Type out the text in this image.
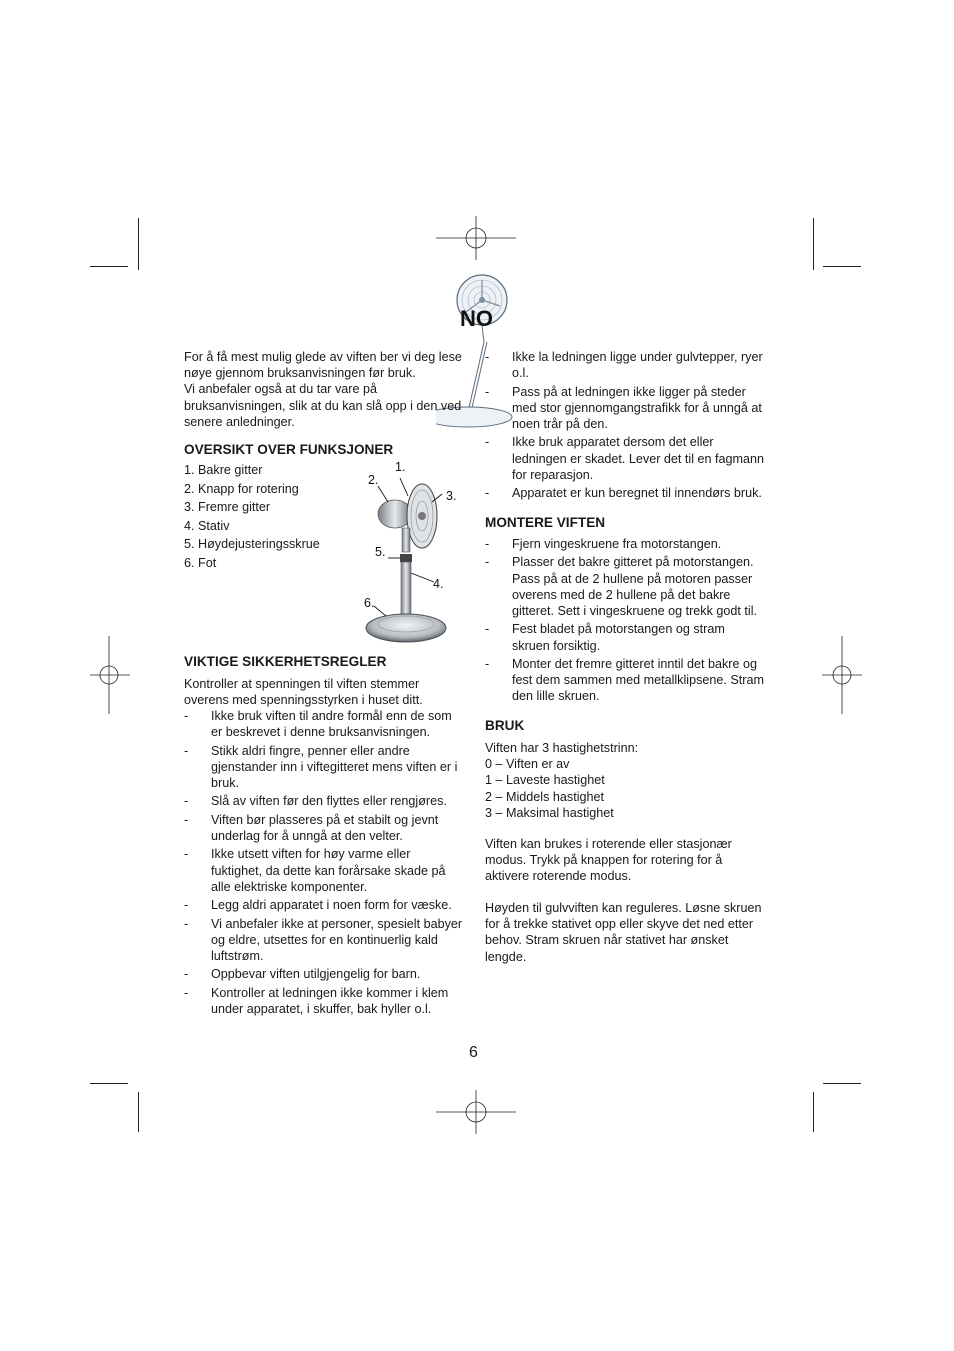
NO
For å få mest mulig glede av viften ber vi deg lese
nøye gjennom bruksanvisningen før bruk.
Vi anbefaler også at du tar vare på
bruksanvisningen, slik at du kan slå opp i den ved
senere anledninger.
OVERSIKT OVER FUNKSJONER
1. Bakre gitter
2. Knapp for rotering
3. Fremre gitter
4. Stativ
5. Høydejusteringsskrue
6. Fot
1.
2.
3.
4.
5.
6.
VIKTIGE SIKKERHETSREGLER
Kontroller at spenningen til viften stemmer
overens med spenningsstyrken i huset ditt.
- Ikke bruk viften til andre formål enn de som
er beskrevet i denne bruksanvisningen.
- Stikk aldri fingre, penner eller andre
gjenstander inn i viftegitteret mens viften er i
bruk.
- Slå av viften før den flyttes eller rengjøres.
- Viften bør plasseres på et stabilt og jevnt
underlag for å unngå at den velter.
- Ikke utsett viften for høy varme eller
fuktighet, da dette kan forårsake skade på
alle elektriske komponenter.
- Legg aldri apparatet i noen form for væske.
- Vi anbefaler ikke at personer, spesielt babyer
og eldre, utsettes for en kontinuerlig kald
luftstrøm.
- Oppbevar viften utilgjengelig for barn.
- Kontroller at ledningen ikke kommer i klem
under apparatet, i skuffer, bak hyller o.l.
- Ikke la ledningen ligge under gulvtepper, ryer
o.l.
- Pass på at ledningen ikke ligger på steder
med stor gjennomgangstrafikk for å unngå at
noen trår på den.
- Ikke bruk apparatet dersom det eller
ledningen er skadet. Lever det til en fagmann
for reparasjon.
- Apparatet er kun beregnet til innendørs bruk.
MONTERE VIFTEN
- Fjern vingeskruene fra motorstangen.
- Plasser det bakre gitteret på motorstangen.
Pass på at de 2 hullene på motoren passer
overens med de 2 hullene på det bakre
gitteret. Sett i vingeskruene og trekk godt til.
- Fest bladet på motorstangen og stram
skruen forsiktig.
- Monter det fremre gitteret inntil det bakre og
fest dem sammen med metallklipsene. Stram
den lille skruen.
BRUK
Viften har 3 hastighetstrinn:
0 – Viften er av
1 – Laveste hastighet
2 – Middels hastighet
3 – Maksimal hastighet
Viften kan brukes i roterende eller stasjonær
modus. Trykk på knappen for rotering for å
aktivere roterende modus.
Høyden til gulvviften kan reguleres. Løsne skruen
for å trekke stativet opp eller skyve det ned etter
behov. Stram skruen når stativet har ønsket
lengde.
6
